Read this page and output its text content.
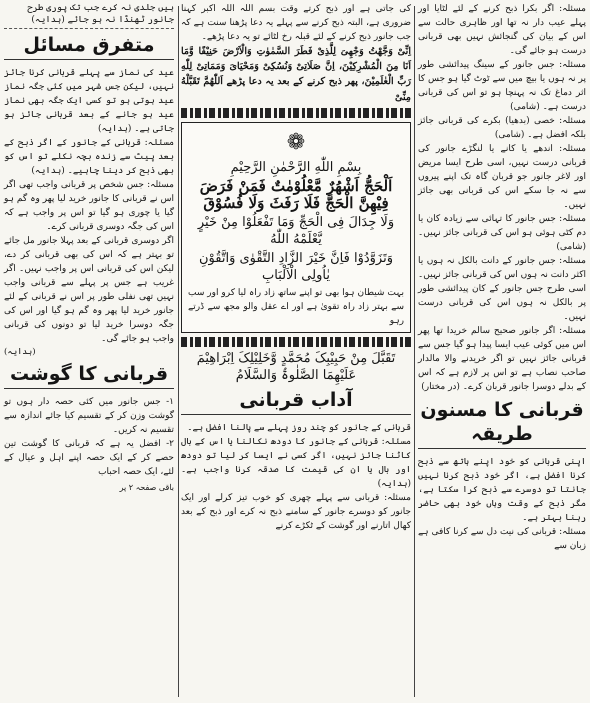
مسئلہ: اگر بکرا ذبح کرنے کے لئے لٹایا اور پہلے عیب دار نہ تھا اور ظاہری حالت سے اس کے بیان کی گنجائش نہیں بھی قربانی درست ہو جائے گی۔

مسئلہ: جس جانور کے سینگ پیدائشی طور پر نہ ہوں یا بیچ میں سے ٹوٹ گیا ہو جس کا اثر دماغ تک نہ پہنچا ہو تو اس کی قربانی درست ہے۔ (شامی)

مسئلہ: خصی (بدھیا) بکرے کی قربانی جائز بلکہ افضل ہے۔ (شامی)

مسئلہ: اندھے یا کانے یا لنگڑے جانور کی قربانی درست نہیں، اسی طرح ایسا مریض اور لاغر جانور جو قربان گاہ تک اپنے پیروں سے نہ جا سکے اس کی قربانی بھی جائز نہیں۔

مسئلہ: جس جانور کا تہائی سے زیادہ کان یا دم کٹی ہوئی ہو اس کی قربانی جائز نہیں۔ (شامی)

مسئلہ: جس جانور کے دانت بالکل نہ ہوں یا اکثر دانت نہ ہوں اس کی قربانی جائز نہیں۔ اسی طرح جس جانور کے کان پیدائشی طور پر بالکل نہ ہوں اس کی قربانی درست نہیں۔

مسئلہ: اگر جانور صحیح سالم خریدا تھا پھر اس میں کوئی عیب ایسا پیدا ہو گیا جس سے قربانی جائز نہیں تو اگر خریدنے والا مالدار صاحب نصاب ہے تو اس پر لازم ہے کہ اس کے بدلے دوسرا جانور قربان کرے۔ (در مختار)

قربانی کا مسنون طریقہ

اپنی قربانی کو خود اپنے ہاتھ سے ذبح کرنا افضل ہے، اگر خود ذبح کرنا نہیں جانتا تو دوسرے سے ذبح کرا سکتا ہے، مگر ذبح کے وقت وہاں خود بھی حاضر رہنا بہتر ہے۔

مسئلہ: قربانی کی نیت دل سے کرنا کافی ہے زبان سے

کی جاتی ہے اور ذبح کرتے وقت بسم اللہ اللہ اکبر کہنا ضروری ہے، البتہ ذبح کرنے سے پہلے یہ دعا پڑھنا سنت ہے کہ جب جانور ذبح کرنے کے لئے قبلہ رخ لٹائے تو یہ دعا پڑھے۔

اِنِّیْ وَجَّهْتُ وَجْهِیَ لِلَّذِیْ فَطَرَ السَّمٰوٰتِ وَالْاَرْضَ حَنِیْفًا وَّمَا اَنَا مِنَ الْمُشْرِکِیْنَ، اِنَّ صَلَاتِیْ وَنُسُکِیْ وَمَحْیَایَ وَمَمَاتِیْ لِلّٰهِ رَبِّ الْعٰلَمِیْنَ، پھر ذبح کرنے کے بعد یہ دعا پڑھے اَللّٰهُمَّ تَقَبَّلْهُ مِنِّیْ

❁
بِسْمِ اللّٰهِ الرَّحْمٰنِ الرَّحِیْمِ
اَلْحَجُّ اَشْهُرٌ مَّعْلُوْمٰتٌ فَمَنْ فَرَضَ فِیْهِنَّ الْحَجَّ فَلَا رَفَثَ وَلَا فُسُوْقَ
وَلَا جِدَالَ فِی الْحَجِّ وَمَا تَفْعَلُوْا مِنْ خَیْرٍ یَّعْلَمْهُ اللّٰهُ
وَتَزَوَّدُوْا فَاِنَّ خَیْرَ الزَّادِ التَّقْوٰی وَاتَّقُوْنِ یٰاُولِی الْاَلْبَابِ

بہت شیطان ہوا بھی تو اپنے ساتھ زاد راہ لیا کرو اور سب سے بہتر زاد راہ تقویٰ ہے اور اے عقل والو مجھ سے ڈرتے رہو

تَقَبَّلَ مِنْ حَبِیْبِکَ مُحَمَّدٍ وَّخَلِیْلِکَ اِبْرَاهِیْمَ عَلَیْهِمَا الصَّلٰوۃُ وَالسَّلَامُ
آداب قربانی

قربانی کے جانور کو چند روز پہلے سے پالنا افضل ہے۔

مسئلہ: قربانی کے جانور کا دودھ نکالنا یا اس کے بال کاٹنا جائز نہیں، اگر کسی نے ایسا کر لیا تو دودھ اور بال یا ان کی قیمت کا صدقہ کرنا واجب ہے۔ (ہدایہ)

مسئلہ: قربانی سے پہلے چھری کو خوب تیز کرلے اور ایک جانور کو دوسرے جانور کے سامنے ذبح نہ کرے اور ذبح کے بعد کھال اتارنے اور گوشت کے ٹکڑے کرنے

ہیں جلدی نہ کرے جب تک پوری طرح جانور ٹھنڈا نہ ہو جائے (ہدایہ)

متفرق مسائل

عید کی نماز سے پہلے قربانی کرنا جائز نہیں، لیکن جس شہر میں کئی جگہ نماز عید ہوتی ہو تو کسی ایک جگہ بھی نماز عید ہو جانے کے بعد قربانی جائز ہو جاتی ہے۔ (ہدایہ)

مسئلہ: قربانی کے جانور کے اگر ذبح کے بعد پیٹ سے زندہ بچہ نکلے تو اس کو بھی ذبح کر دینا چاہیے۔ (ہدایہ)

مسئلہ: جس شخص پر قربانی واجب تھی اگر اس نے قربانی کا جانور خرید لیا پھر وہ گم ہو گیا یا چوری ہو گیا تو اس پر واجب ہے کہ اس کی جگہ دوسری قربانی کرے۔

اگر دوسری قربانی کے بعد پہلا جانور مل جائے تو بہتر ہے کہ اس کی بھی قربانی کر دے، لیکن اس کی قربانی اس پر واجب نہیں۔ اگر غریب ہے جس پر پہلے سے قربانی واجب نہیں تھی نفلی طور پر اس نے قربانی کے لئے جانور خرید لیا پھر وہ گم ہو گیا اور اس کی جگہ دوسرا خرید لیا تو دونوں کی قربانی واجب ہو جائے گی۔

(ہدایہ)

قربانی کا گوشت

۱- جس جانور میں کئی حصہ دار ہوں تو گوشت وزن کر کے تقسیم کیا جائے اندازہ سے تقسیم نہ کریں۔

۲- افضل یہ ہے کہ قربانی کا گوشت تین حصے کر کے ایک حصہ اپنے اہل و عیال کے لئے، ایک حصہ احباب

باقی صفحہ ۲ پر
